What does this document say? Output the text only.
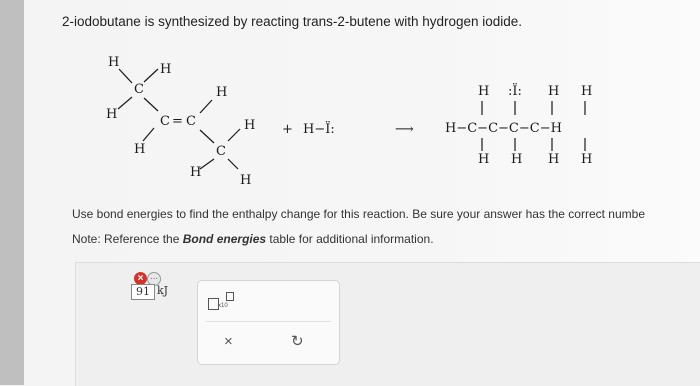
2-iodobutane is synthesized by reacting trans-2-butene with hydrogen iodide.
H	H
C
H	C = C
H
H
C
H
H
H
+ H−Ï:	⟶
H :Ï: H H
H−C−C−C−C−H
H H H H
Use bond energies to find the enthalpy change for this reaction. Be sure your answer has the correct numbe
Note: Reference the Bond energies table for additional information.
× ⋯
91 kJ
x10
×	↻
